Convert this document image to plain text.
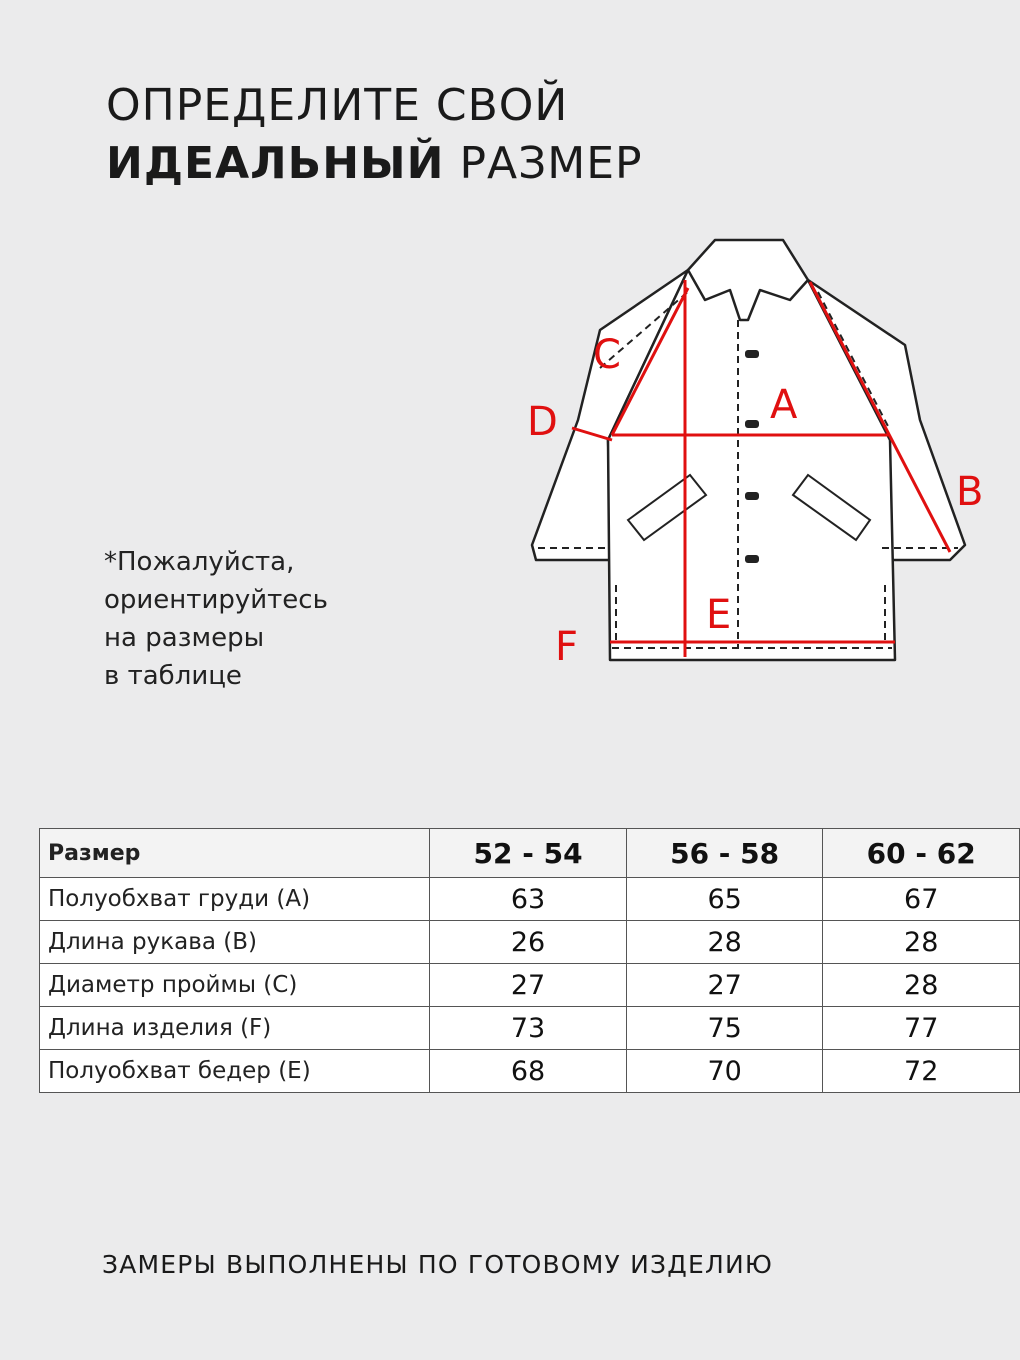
ОПРЕДЕЛИТЕ СВОЙ
ИДЕАЛЬНЫЙ РАЗМЕР
*Пожалуйста,
ориентируйтесь
на размеры
в таблице
C
D	A
B
E
F
Размер	52 - 54	56 - 58	60 - 62
Полуобхват груди (А)	63	65	67
Длина рукава (В)	26	28	28
Диаметр проймы (С)	27	27	28
Длина изделия (F)	73	75	77
Полуобхват бедер (Е)	68	70	72
ЗАМЕРЫ ВЫПОЛНЕНЫ ПО ГОТОВОМУ ИЗДЕЛИЮ
